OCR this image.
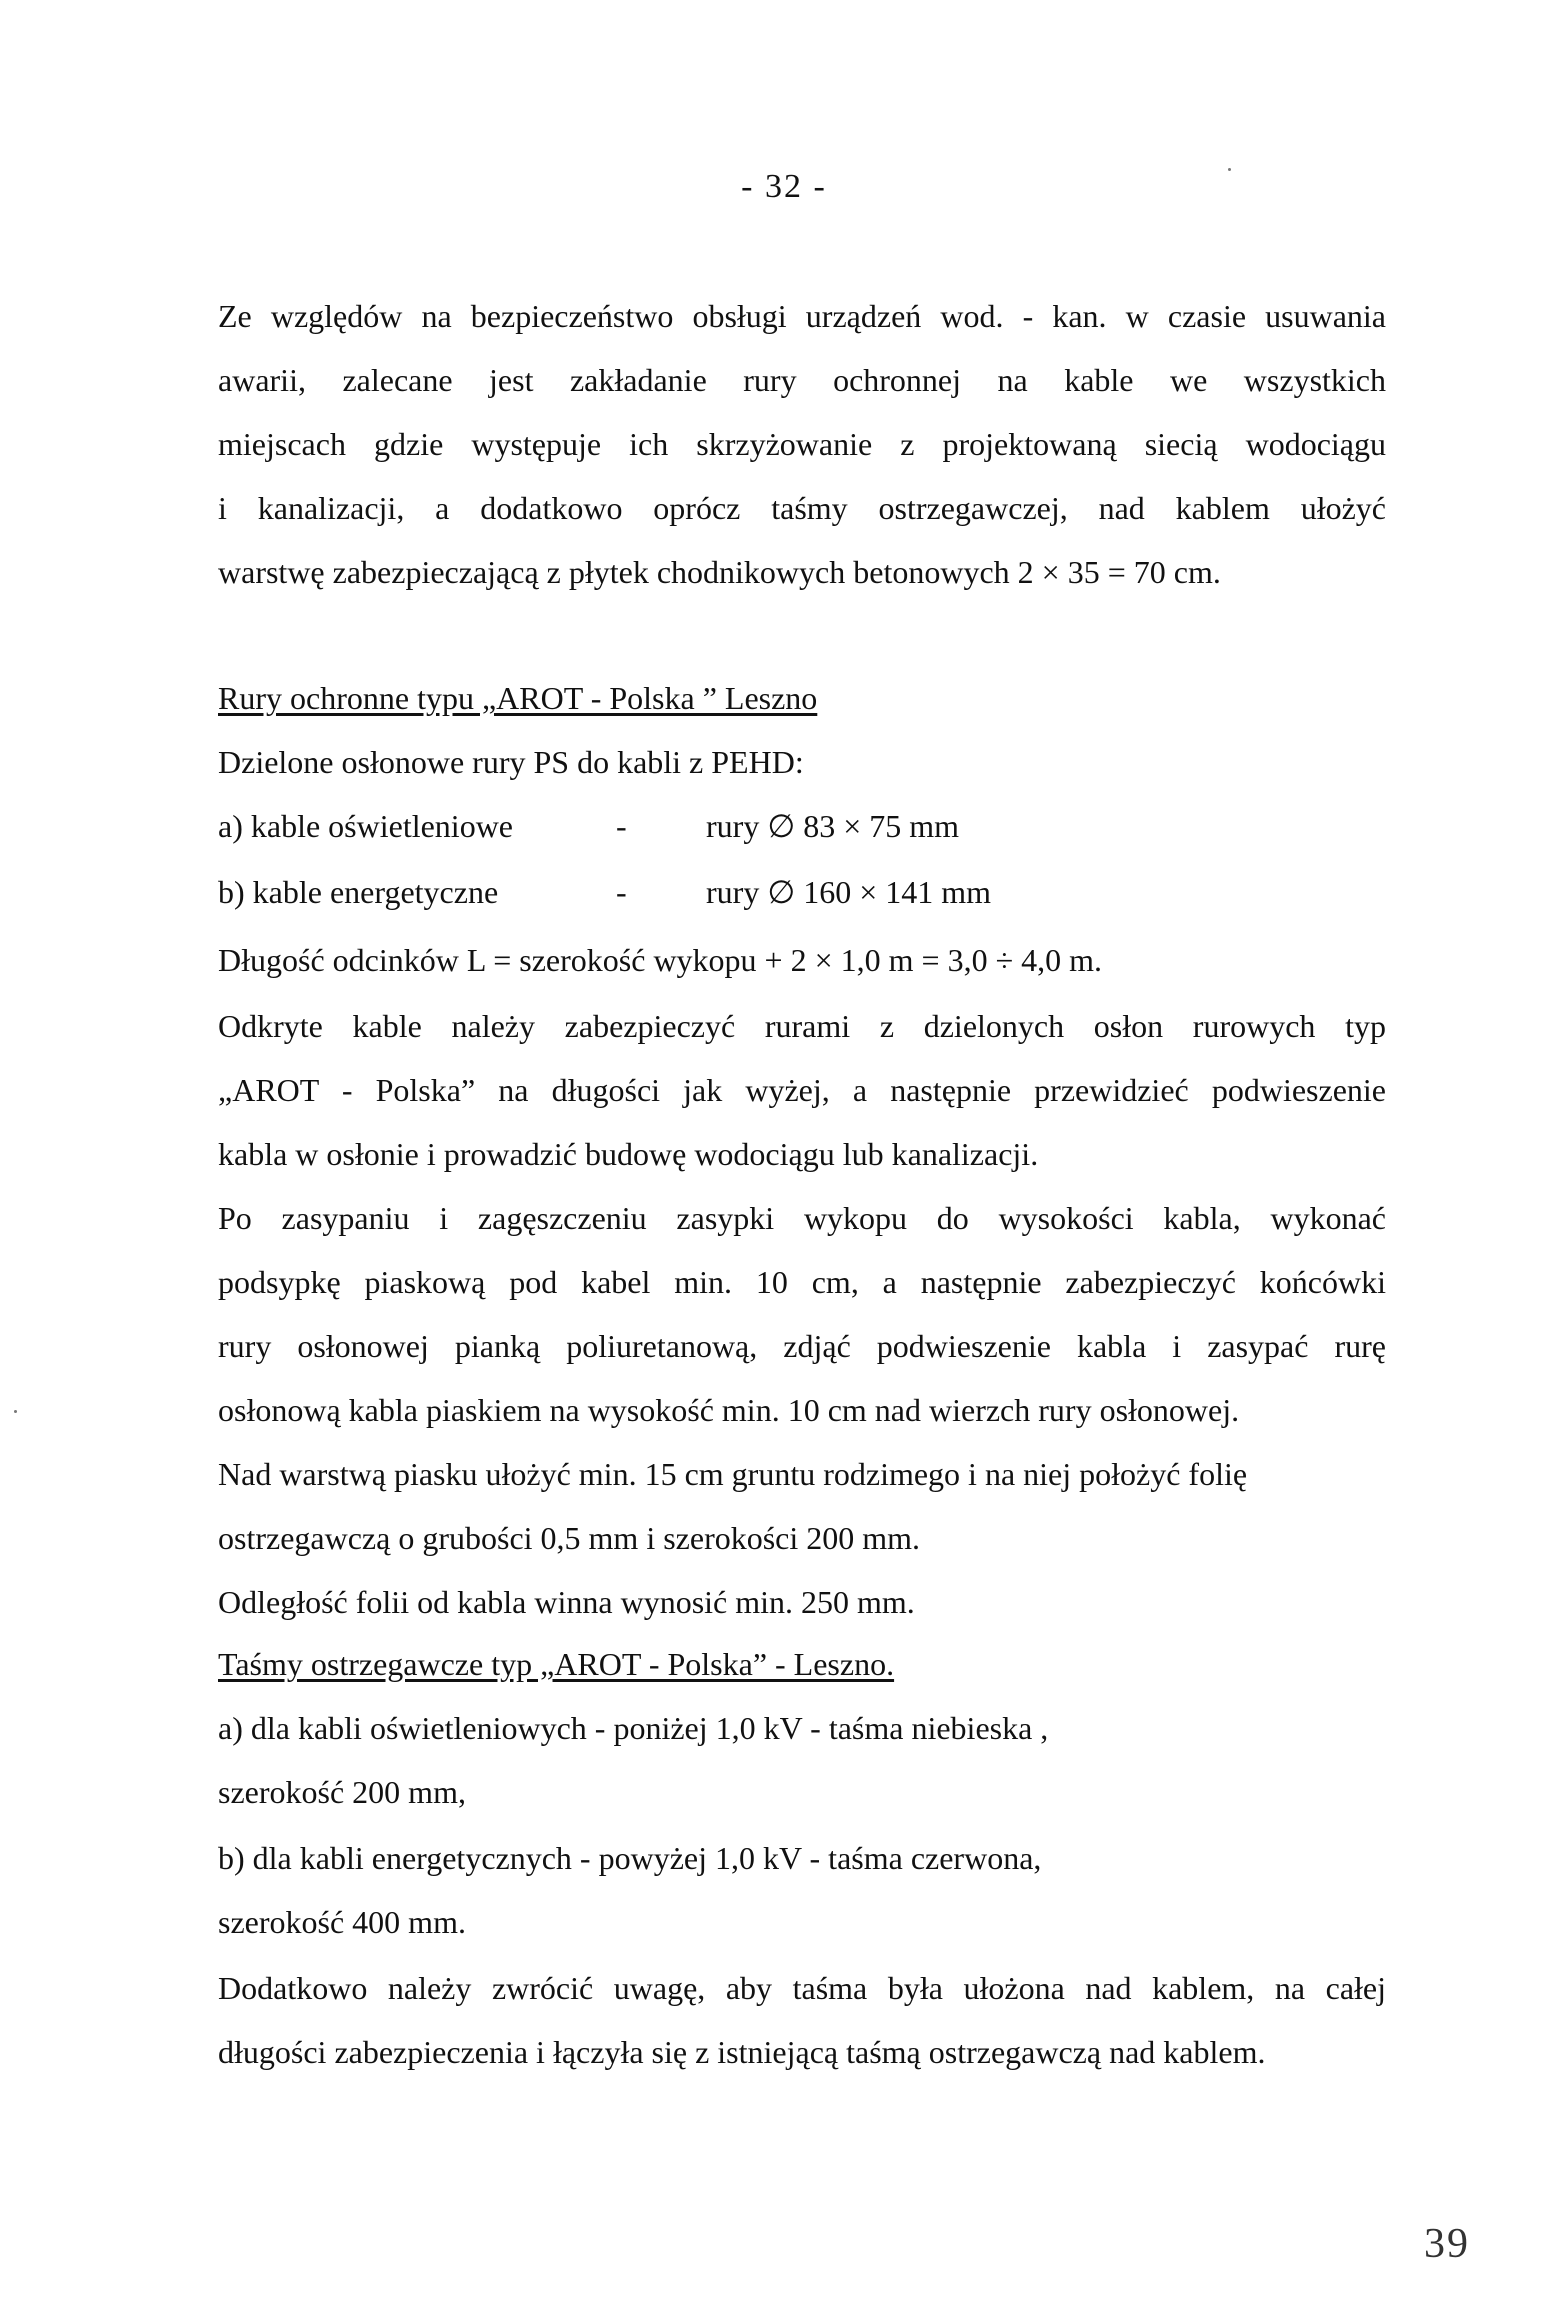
- 32 -
Ze względów na bezpieczeństwo obsługi urządzeń wod. - kan. w czasie usuwania
awarii, zalecane jest zakładanie rury ochronnej na kable we wszystkich
miejscach gdzie występuje ich skrzyżowanie z projektowaną siecią wodociągu
i kanalizacji, a dodatkowo oprócz taśmy ostrzegawczej, nad kablem ułożyć
warstwę zabezpieczającą z płytek chodnikowych betonowych 2 × 35 = 70 cm.
Rury ochronne typu „AROT - Polska ” Leszno
Dzielone osłonowe rury PS do kabli z PEHD:
a) kable oświetleniowe	- rury ∅ 83 × 75 mm
b) kable energetyczne	- rury ∅ 160 × 141 mm
Długość odcinków L = szerokość wykopu + 2 × 1,0 m = 3,0 ÷ 4,0 m.
Odkryte kable należy zabezpieczyć rurami z dzielonych osłon rurowych typ
„AROT - Polska” na długości jak wyżej, a następnie przewidzieć podwieszenie
kabla w osłonie i prowadzić budowę wodociągu lub kanalizacji.
Po zasypaniu i zagęszczeniu zasypki wykopu do wysokości kabla, wykonać
podsypkę piaskową pod kabel min. 10 cm, a następnie zabezpieczyć końcówki
rury osłonowej pianką poliuretanową, zdjąć podwieszenie kabla i zasypać rurę
osłonową kabla piaskiem na wysokość min. 10 cm nad wierzch rury osłonowej.
Nad warstwą piasku ułożyć min. 15 cm gruntu rodzimego i na niej położyć folię
ostrzegawczą o grubości 0,5 mm i szerokości 200 mm.
Odległość folii od kabla winna wynosić min. 250 mm.
Taśmy ostrzegawcze typ „AROT - Polska” - Leszno.
a) dla kabli oświetleniowych - poniżej 1,0 kV - taśma niebieska ,
szerokość 200 mm,
b) dla kabli energetycznych - powyżej 1,0 kV - taśma czerwona,
szerokość 400 mm.
Dodatkowo należy zwrócić uwagę, aby taśma była ułożona nad kablem, na całej
długości zabezpieczenia i łączyła się z istniejącą taśmą ostrzegawczą nad kablem.
39
